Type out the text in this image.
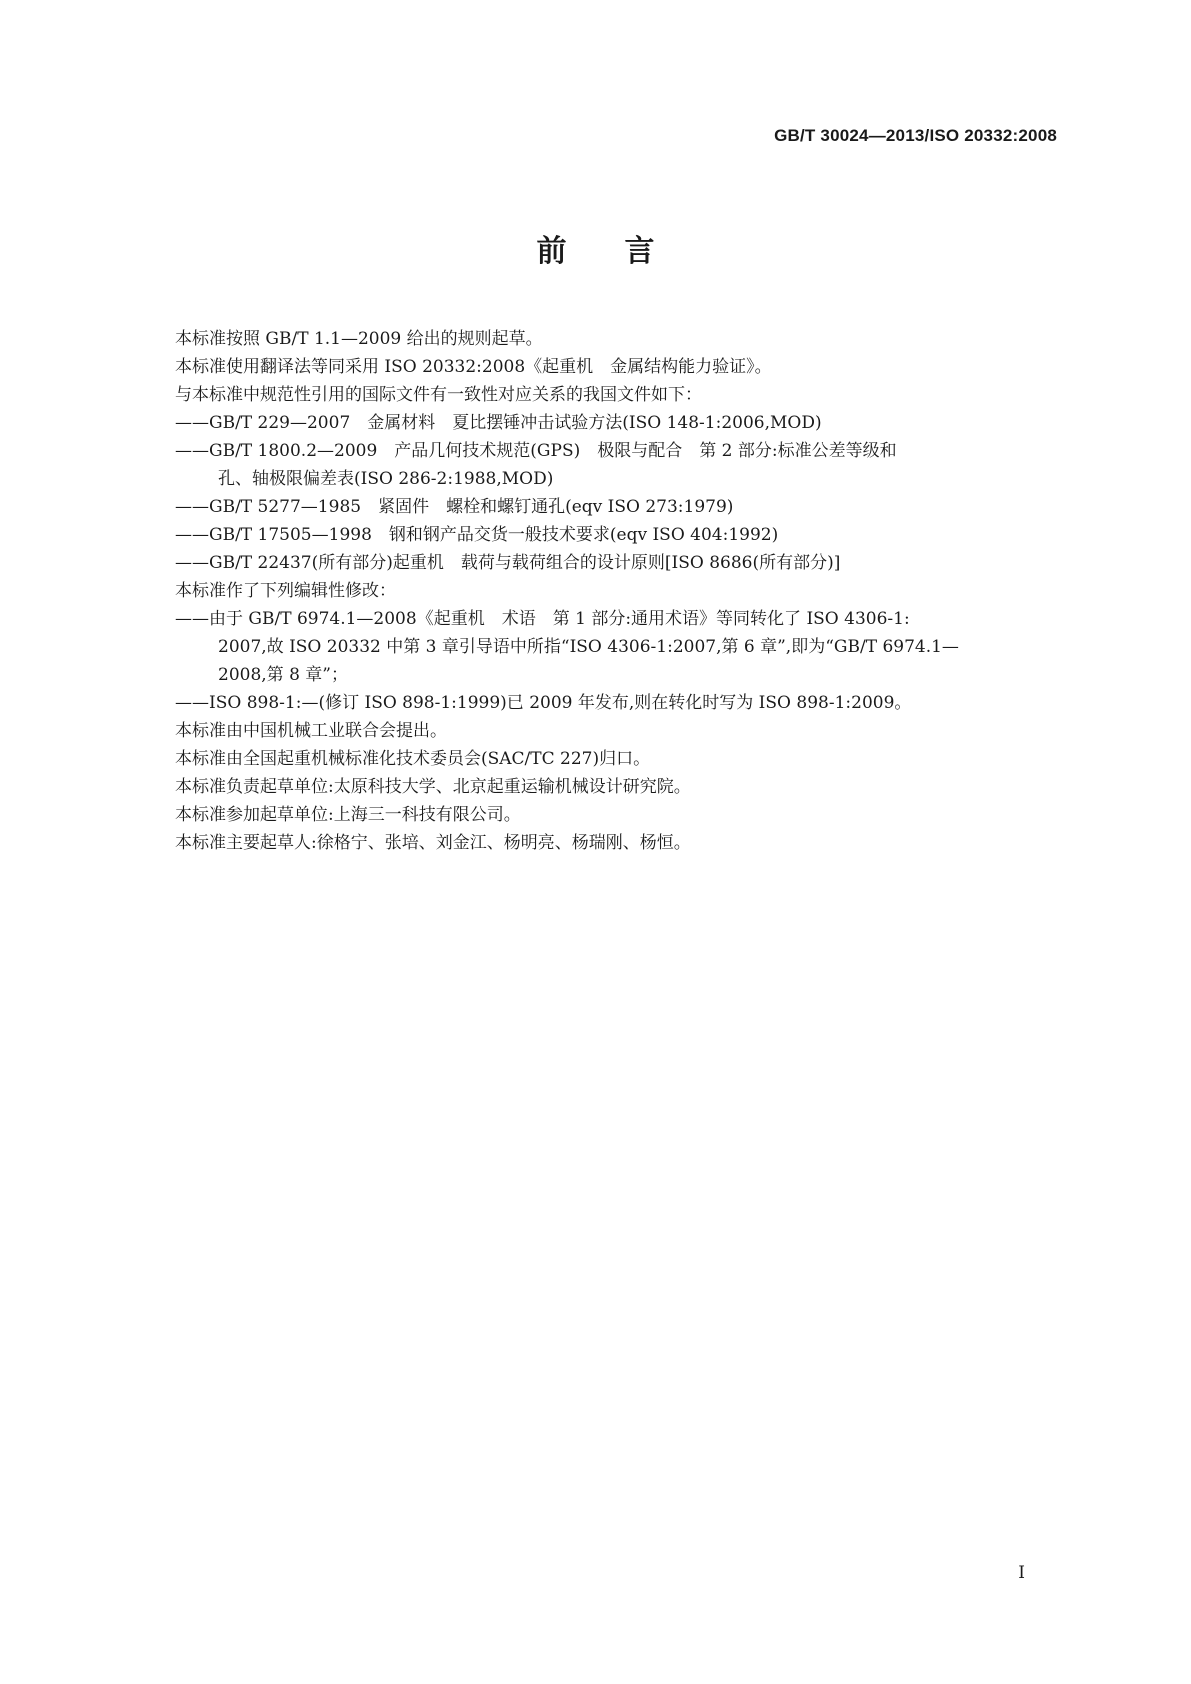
GB/T 30024—2013/ISO 20332:2008
前 言

本标准按照 GB/T 1.1—2009 给出的规则起草。

本标准使用翻译法等同采用 ISO 20332:2008《起重机　金属结构能力验证》。

与本标准中规范性引用的国际文件有一致性对应关系的我国文件如下：

——GB/T 229—2007　金属材料　夏比摆锤冲击试验方法(ISO 148-1:2006,MOD)

——GB/T 1800.2—2009　产品几何技术规范(GPS)　极限与配合　第 2 部分:标准公差等级和

孔、轴极限偏差表(ISO 286-2:1988,MOD)

——GB/T 5277—1985　紧固件　螺栓和螺钉通孔(eqv ISO 273:1979)

——GB/T 17505—1998　钢和钢产品交货一般技术要求(eqv ISO 404:1992)

——GB/T 22437(所有部分)起重机　载荷与载荷组合的设计原则[ISO 8686(所有部分)]

本标准作了下列编辑性修改：

——由于 GB/T 6974.1—2008《起重机　术语　第 1 部分:通用术语》等同转化了 ISO 4306-1:

2007,故 ISO 20332 中第 3 章引导语中所指“ISO 4306-1:2007,第 6 章”,即为“GB/T 6974.1—

2008,第 8 章”；

——ISO 898-1:—(修订 ISO 898-1:1999)已 2009 年发布,则在转化时写为 ISO 898-1:2009。

本标准由中国机械工业联合会提出。

本标准由全国起重机械标准化技术委员会(SAC/TC 227)归口。

本标准负责起草单位:太原科技大学、北京起重运输机械设计研究院。

本标准参加起草单位:上海三一科技有限公司。

本标准主要起草人:徐格宁、张培、刘金江、杨明亮、杨瑞刚、杨恒。

I
